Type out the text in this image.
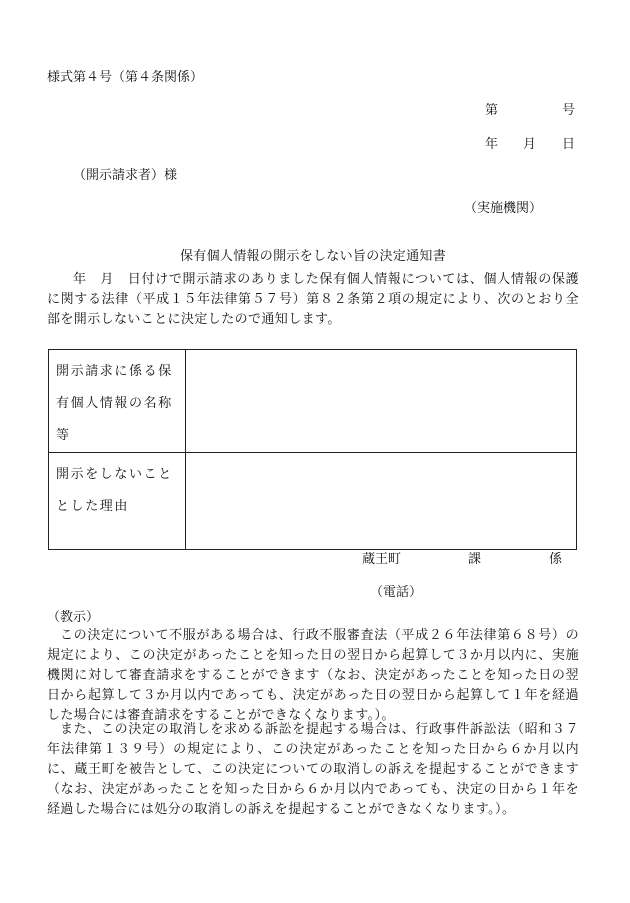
様式第４号（第４条関係）
第	号
年 月 日
（開示請求者）様
（実施機関）
保有個人情報の開示をしない旨の決定通知書
年　月　日付けで開示請求のありました保有個人情報については、個人情報の保護に関する法律（平成１５年法律第５７号）第８２条第２項の規定により、次のとおり全部を開示しないことに決定したので通知します。
開示請求に係る保有個人情報の名称等	
開示をしないこととした理由	
蔵王町	課	係
（電話）
（教示）
この決定について不服がある場合は、行政不服審査法（平成２６年法律第６８号）の規定により、この決定があったことを知った日の翌日から起算して３か月以内に、実施機関に対して審査請求をすることができます（なお、決定があったことを知った日の翌日から起算して３か月以内であっても、決定があった日の翌日から起算して１年を経過した場合には審査請求をすることができなくなります。）。
また、この決定の取消しを求める訴訟を提起する場合は、行政事件訴訟法（昭和３７年法律第１３９号）の規定により、この決定があったことを知った日から６か月以内に、蔵王町を被告として、この決定についての取消しの訴えを提起することができます（なお、決定があったことを知った日から６か月以内であっても、決定の日から１年を経過した場合には処分の取消しの訴えを提起することができなくなります。）。
